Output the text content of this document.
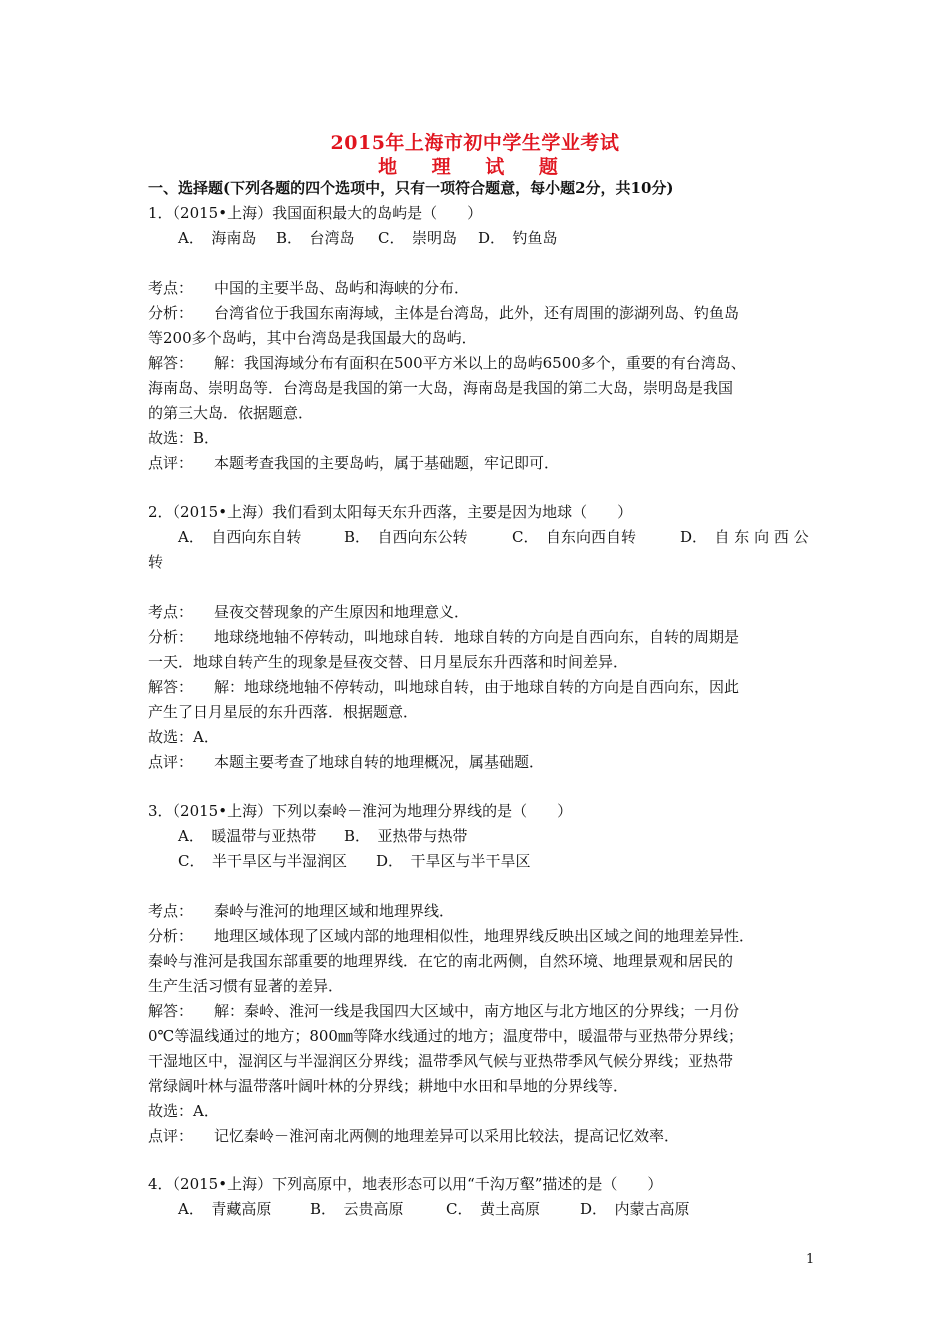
2015年上海市初中学生学业考试
地 理 试 题
一、选择题(下列各题的四个选项中，只有一项符合题意，每小题2分，共10分)
1．（2015•上海）我国面积最大的岛屿是（　　）
A．　海南岛 B．　台湾岛 C．　崇明岛 D．　钓鱼岛
考点： 中国的主要半岛、岛屿和海峡的分布．
分析： 台湾省位于我国东南海域，主体是台湾岛，此外，还有周围的澎湖列岛、钓鱼岛
等200多个岛屿，其中台湾岛是我国最大的岛屿．
解答： 解：我国海域分布有面积在500平方米以上的岛屿6500多个，重要的有台湾岛、
海南岛、崇明岛等．台湾岛是我国的第一大岛，海南岛是我国的第二大岛，崇明岛是我国
的第三大岛．依据题意．
故选：B．
点评： 本题考查我国的主要岛屿，属于基础题，牢记即可．
2．（2015•上海）我们看到太阳每天东升西落，主要是因为地球（　　）
A．　自西向东自转	B．　自西向东公转	C．　自东向西自转	D．　自 东 向 西 公
转
考点： 昼夜交替现象的产生原因和地理意义．
分析： 地球绕地轴不停转动，叫地球自转．地球自转的方向是自西向东，自转的周期是
一天．地球自转产生的现象是昼夜交替、日月星辰东升西落和时间差异．
解答： 解：地球绕地轴不停转动，叫地球自转，由于地球自转的方向是自西向东，因此
产生了日月星辰的东升西落．根据题意．
故选：A．
点评： 本题主要考查了地球自转的地理概况，属基础题．
3．（2015•上海）下列以秦岭－淮河为地理分界线的是（　　）
A．　暖温带与亚热带 B．　亚热带与热带
C．　半干旱区与半湿润区 D．　干旱区与半干旱区
考点： 秦岭与淮河的地理区域和地理界线．
分析： 地理区域体现了区域内部的地理相似性，地理界线反映出区域之间的地理差异性．
秦岭与淮河是我国东部重要的地理界线．在它的南北两侧，自然环境、地理景观和居民的
生产生活习惯有显著的差异．
解答： 解：秦岭、淮河一线是我国四大区域中，南方地区与北方地区的分界线；一月份
0℃等温线通过的地方；800㎜等降水线通过的地方；温度带中，暖温带与亚热带分界线；
干湿地区中，湿润区与半湿润区分界线；温带季风气候与亚热带季风气候分界线；亚热带
常绿阔叶林与温带落叶阔叶林的分界线；耕地中水田和旱地的分界线等．
故选：A．
点评： 记忆秦岭－淮河南北两侧的地理差异可以采用比较法，提高记忆效率．
4．（2015•上海）下列高原中，地表形态可以用“千沟万壑”描述的是（　　）
A．　青藏高原	B．　云贵高原	C．　黄土高原	D．　内蒙古高原
1
